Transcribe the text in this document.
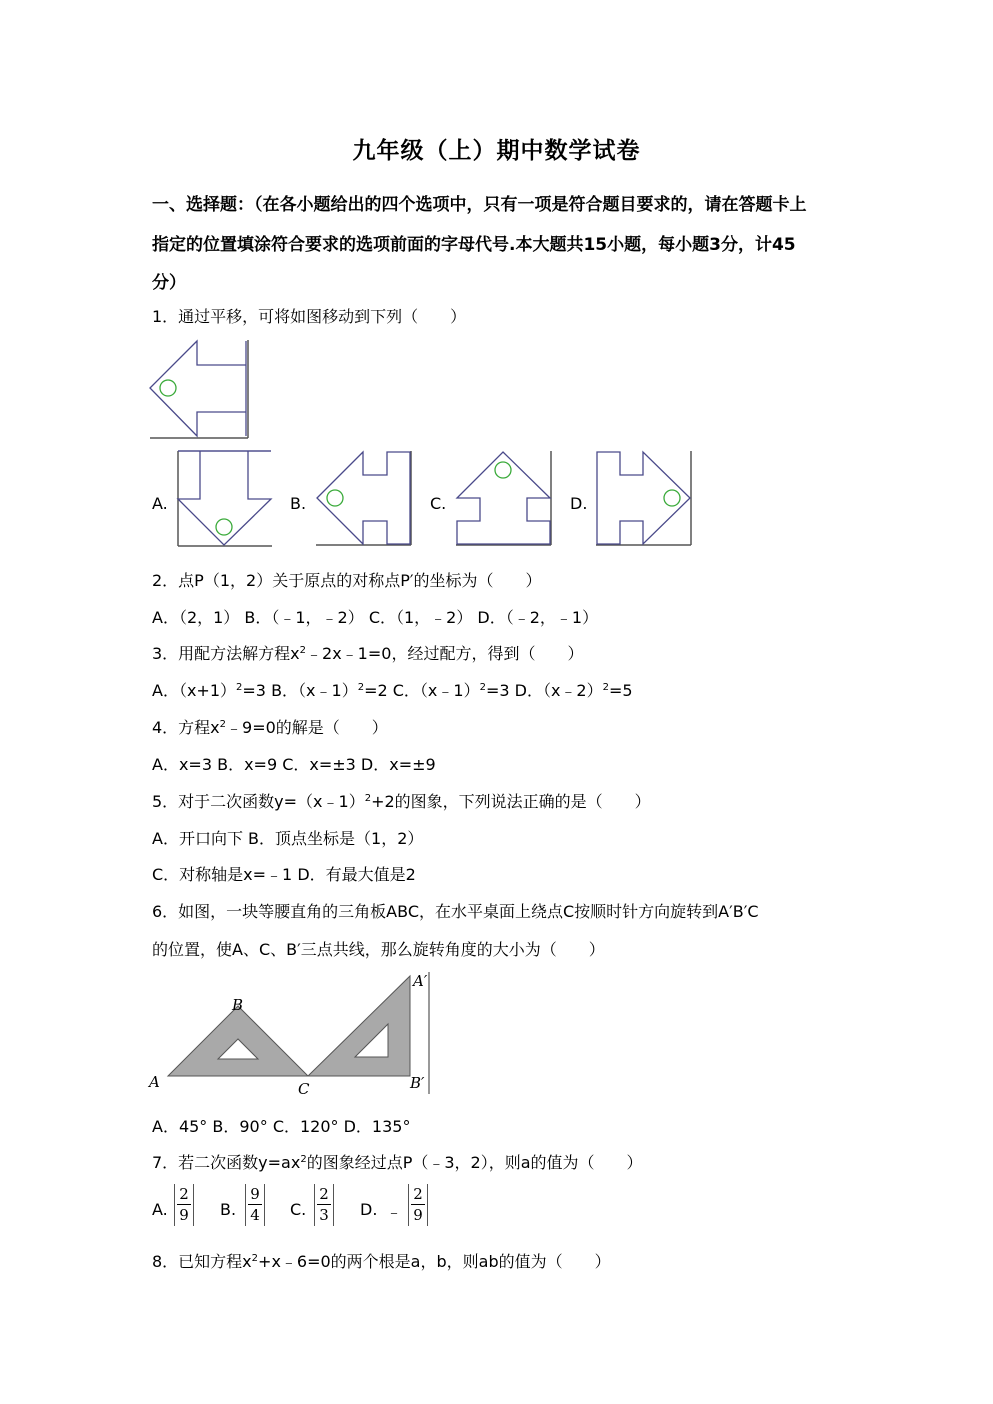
九年级（上）期中数学试卷
一、选择题：（在各小题给出的四个选项中，只有一项是符合题目要求的，请在答题卡上
指定的位置填涂符合要求的选项前面的字母代号.本大题共15小题，每小题3分，计45
分）
1．通过平移，可将如图移动到下列（　　）
A.	B.	C.	D.
2．点P（1，2）关于原点的对称点P′的坐标为（　　）
A．（2，1） B．（﹣1，﹣2） C．（1，﹣2） D．（﹣2，﹣1）
3．用配方法解方程$x^2﹣2x﹣1=0$，经过配方，得到（　　）
A．$(x+1)^2=3$ B．（x﹣1）$^2$=2 C．（x﹣1）$^2$=3 D．（x﹣2）$^2$=5
4．方程$x^2﹣9=0$的解是（　　）
A．x=3 B．x=9 C．x=±3 D．x=±9
5．对于二次函数y=（x﹣1）$^2$+2的图象，下列说法正确的是（　　）
A．开口向下 B．顶点坐标是（1，2）
C．对称轴是x=﹣1 D．有最大值是2
6．如图，一块等腰直角的三角板ABC，在水平桌面上绕点C按顺时针方向旋转到A′B′C
的位置，使A、C、B′三点共线，那么旋转角度的大小为（　　）
A
B
C
A′
B′
A．45° B．90° C．120° D．135°
7．若二次函数$y=ax^2$的图象经过点P（﹣3，2），则a的值为（　　）
A.
2
9	B.
9
4	C.
2
3	D. ﹣
2
9
8．已知方程$x^2+x﹣6=0$的两个根是a，b，则ab的值为（　　）
